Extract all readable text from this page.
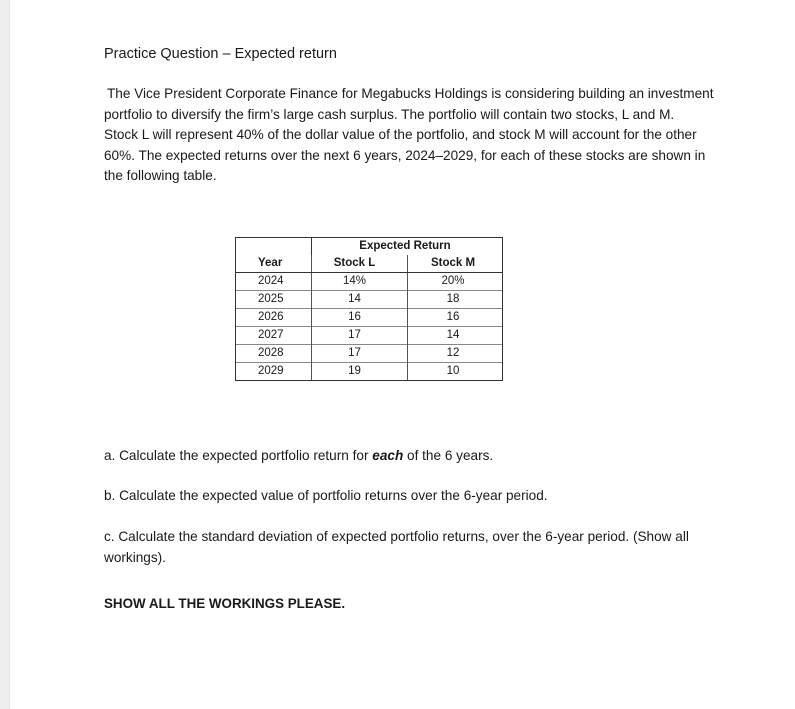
Practice Question – Expected return
The Vice President Corporate Finance for Megabucks Holdings is considering building an investment
portfolio to diversify the firm’s large cash surplus. The portfolio will contain two stocks, L and M.
Stock L will represent 40% of the dollar value of the portfolio, and stock M will account for the other
60%. The expected returns over the next 6 years, 2024–2029, for each of these stocks are shown in
the following table.
	Expected Return	
Year	Stock L	Stock M
2024	14%	20%
2025	14	18
2026	16	16
2027	17	14
2028	17	12
2029	19	10
a. Calculate the expected portfolio return for each of the 6 years.
b. Calculate the expected value of portfolio returns over the 6-year period.
c. Calculate the standard deviation of expected portfolio returns, over the 6-year period. (Show all
workings).
SHOW ALL THE WORKINGS PLEASE.
